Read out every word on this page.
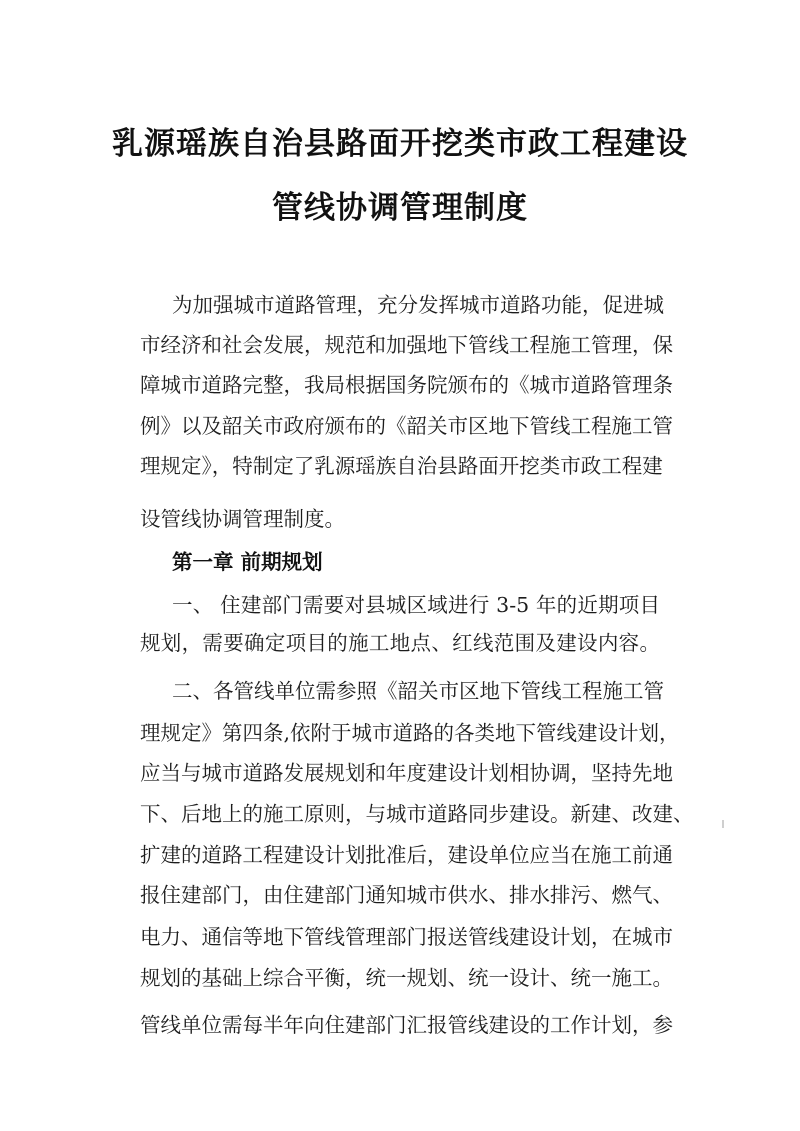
乳源瑶族自治县路面开挖类市政工程建设
管线协调管理制度
为加强城市道路管理，充分发挥城市道路功能，促进城
市经济和社会发展，规范和加强地下管线工程施工管理，保
障城市道路完整，我局根据国务院颁布的《城市道路管理条
例》以及韶关市政府颁布的《韶关市区地下管线工程施工管
理规定》，特制定了乳源瑶族自治县路面开挖类市政工程建
设管线协调管理制度。
第一章 前期规划
一、 住建部门需要对县城区域进行 3-5 年的近期项目
规划，需要确定项目的施工地点、红线范围及建设内容。
二、各管线单位需参照《韶关市区地下管线工程施工管
理规定》第四条,依附于城市道路的各类地下管线建设计划，
应当与城市道路发展规划和年度建设计划相协调，坚持先地
下、后地上的施工原则，与城市道路同步建设。新建、改建、
扩建的道路工程建设计划批准后，建设单位应当在施工前通
报住建部门，由住建部门通知城市供水、排水排污、燃气、
电力、通信等地下管线管理部门报送管线建设计划，在城市
规划的基础上综合平衡，统一规划、统一设计、统一施工。
管线单位需每半年向住建部门汇报管线建设的工作计划，参
